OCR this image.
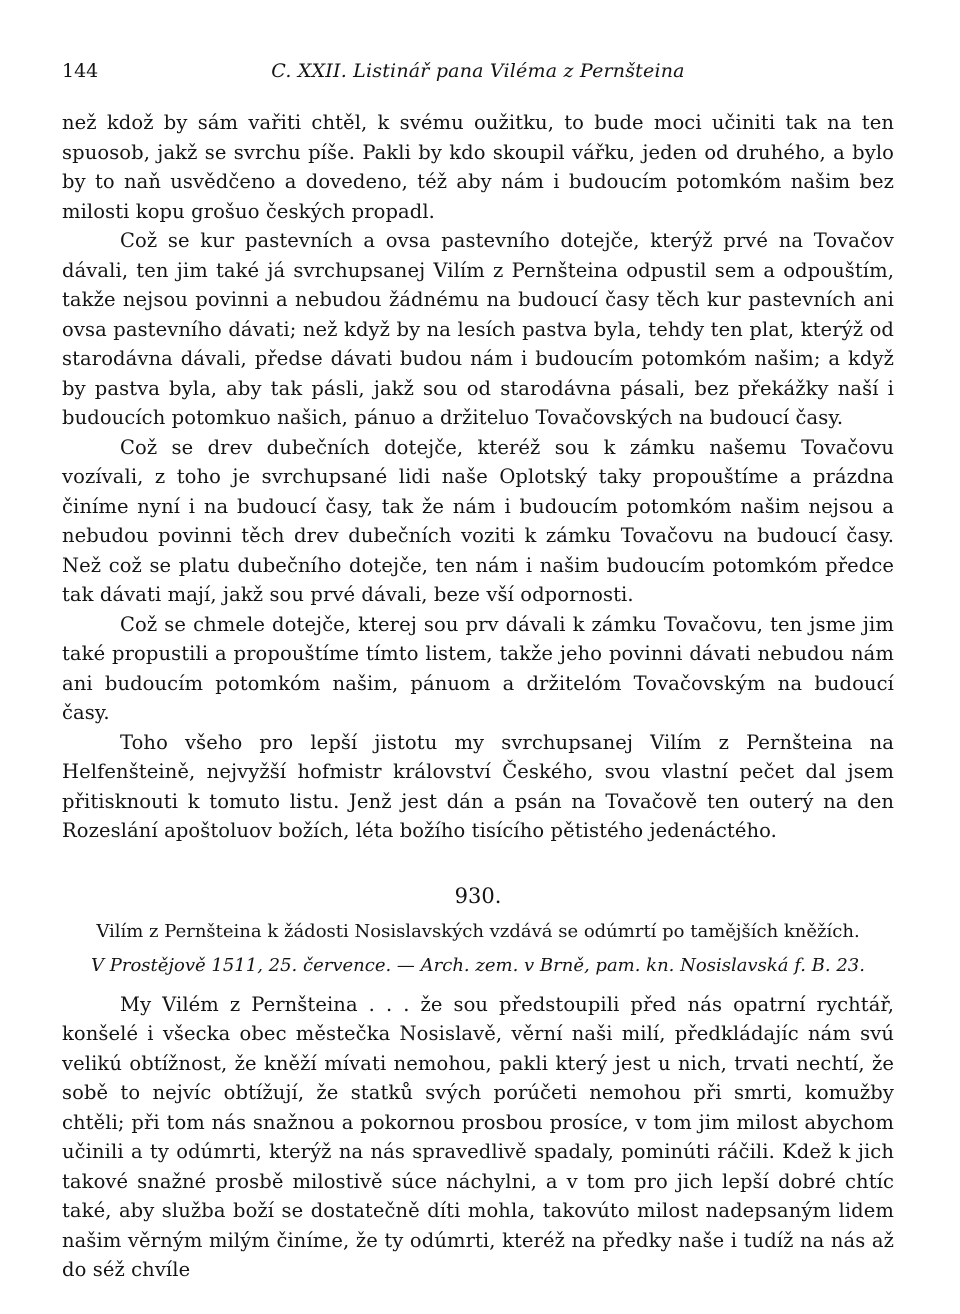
144	C. XXII. Listinář pana Viléma z Pernšteina

než kdož by sám vařiti chtěl, k svému oužitku, to bude moci učiniti tak na ten spuosob, jakž se svrchu píše. Pakli by kdo skoupil vářku, jeden od druhého, a bylo by to naň usvědčeno a dovedeno, též aby nám i budoucím potomkóm našim bez milosti kopu grošuo českých propadl.

Což se kur pastevních a ovsa pastevního dotejče, kterýž prvé na Tovačov dávali, ten jim také já svrchupsanej Vilím z Pernšteina odpustil sem a odpouštím, takže nejsou povinni a nebudou žádnému na budoucí časy těch kur pastevních ani ovsa pastevního dávati; než když by na lesích pastva byla, tehdy ten plat, kterýž od starodávna dávali, předse dávati budou nám i budoucím potomkóm našim; a když by pastva byla, aby tak pásli, jakž sou od starodávna pásali, bez překážky naší i budoucích potomkuo našich, pánuo a držiteluo Tovačovských na budoucí časy.

Což se drev dubečních dotejče, kteréž sou k zámku našemu Tovačovu vozívali, z toho je svrchupsané lidi naše Oplotský taky propouštíme a prázdna činíme nyní i na budoucí časy, tak že nám i budoucím potomkóm našim nejsou a nebudou povinni těch drev dubečních voziti k zámku Tovačovu na budoucí časy. Než což se platu dubečního dotejče, ten nám i našim budoucím potomkóm předce tak dávati mají, jakž sou prvé dávali, beze vší odpornosti.

Což se chmele dotejče, kterej sou prv dávali k zámku Tovačovu, ten jsme jim také propustili a propouštíme tímto listem, takže jeho povinni dávati nebudou nám ani budoucím potomkóm našim, pánuom a držitelóm Tovačovským na budoucí časy.

Toho všeho pro lepší jistotu my svrchupsanej Vilím z Pernšteina na Helfenšteině, nejvyžší hofmistr království Českého, svou vlastní pečet dal jsem přitisknouti k tomuto listu. Jenž jest dán a psán na Tovačově ten outerý na den Rozeslání apoštoluov božích, léta božího tisícího pětistého jedenáctého.

930.
Vilím z Pernšteina k žádosti Nosislavských vzdává se odúmrtí po tamějších kněžích.
V Prostějově 1511, 25. července. — Arch. zem. v Brně, pam. kn. Nosislavská f. B. 23.

My Vilém z Pernšteina . . . že sou předstoupili před nás opatrní rychtář, konšelé i všecka obec městečka Nosislavě, věrní naši milí, předkládajíc nám svú velikú obtížnost, že kněží mívati nemohou, pakli který jest u nich, trvati nechtí, že sobě to nejvíc obtížují, že statků svých porúčeti nemohou při smrti, komužby chtěli; při tom nás snažnou a pokornou prosbou prosíce, v tom jim milost abychom učinili a ty odúmrti, kterýž na nás spravedlivě spadaly, pominúti ráčili. Kdež k jich takové snažné prosbě milostivě súce náchylni, a v tom pro jich lepší dobré chtíc také, aby služba boží se dostatečně díti mohla, takovúto milost nadepsaným lidem našim věrným milým činíme, že ty odúmrti, kteréž na předky naše i tudíž na nás až do séž chvíle
